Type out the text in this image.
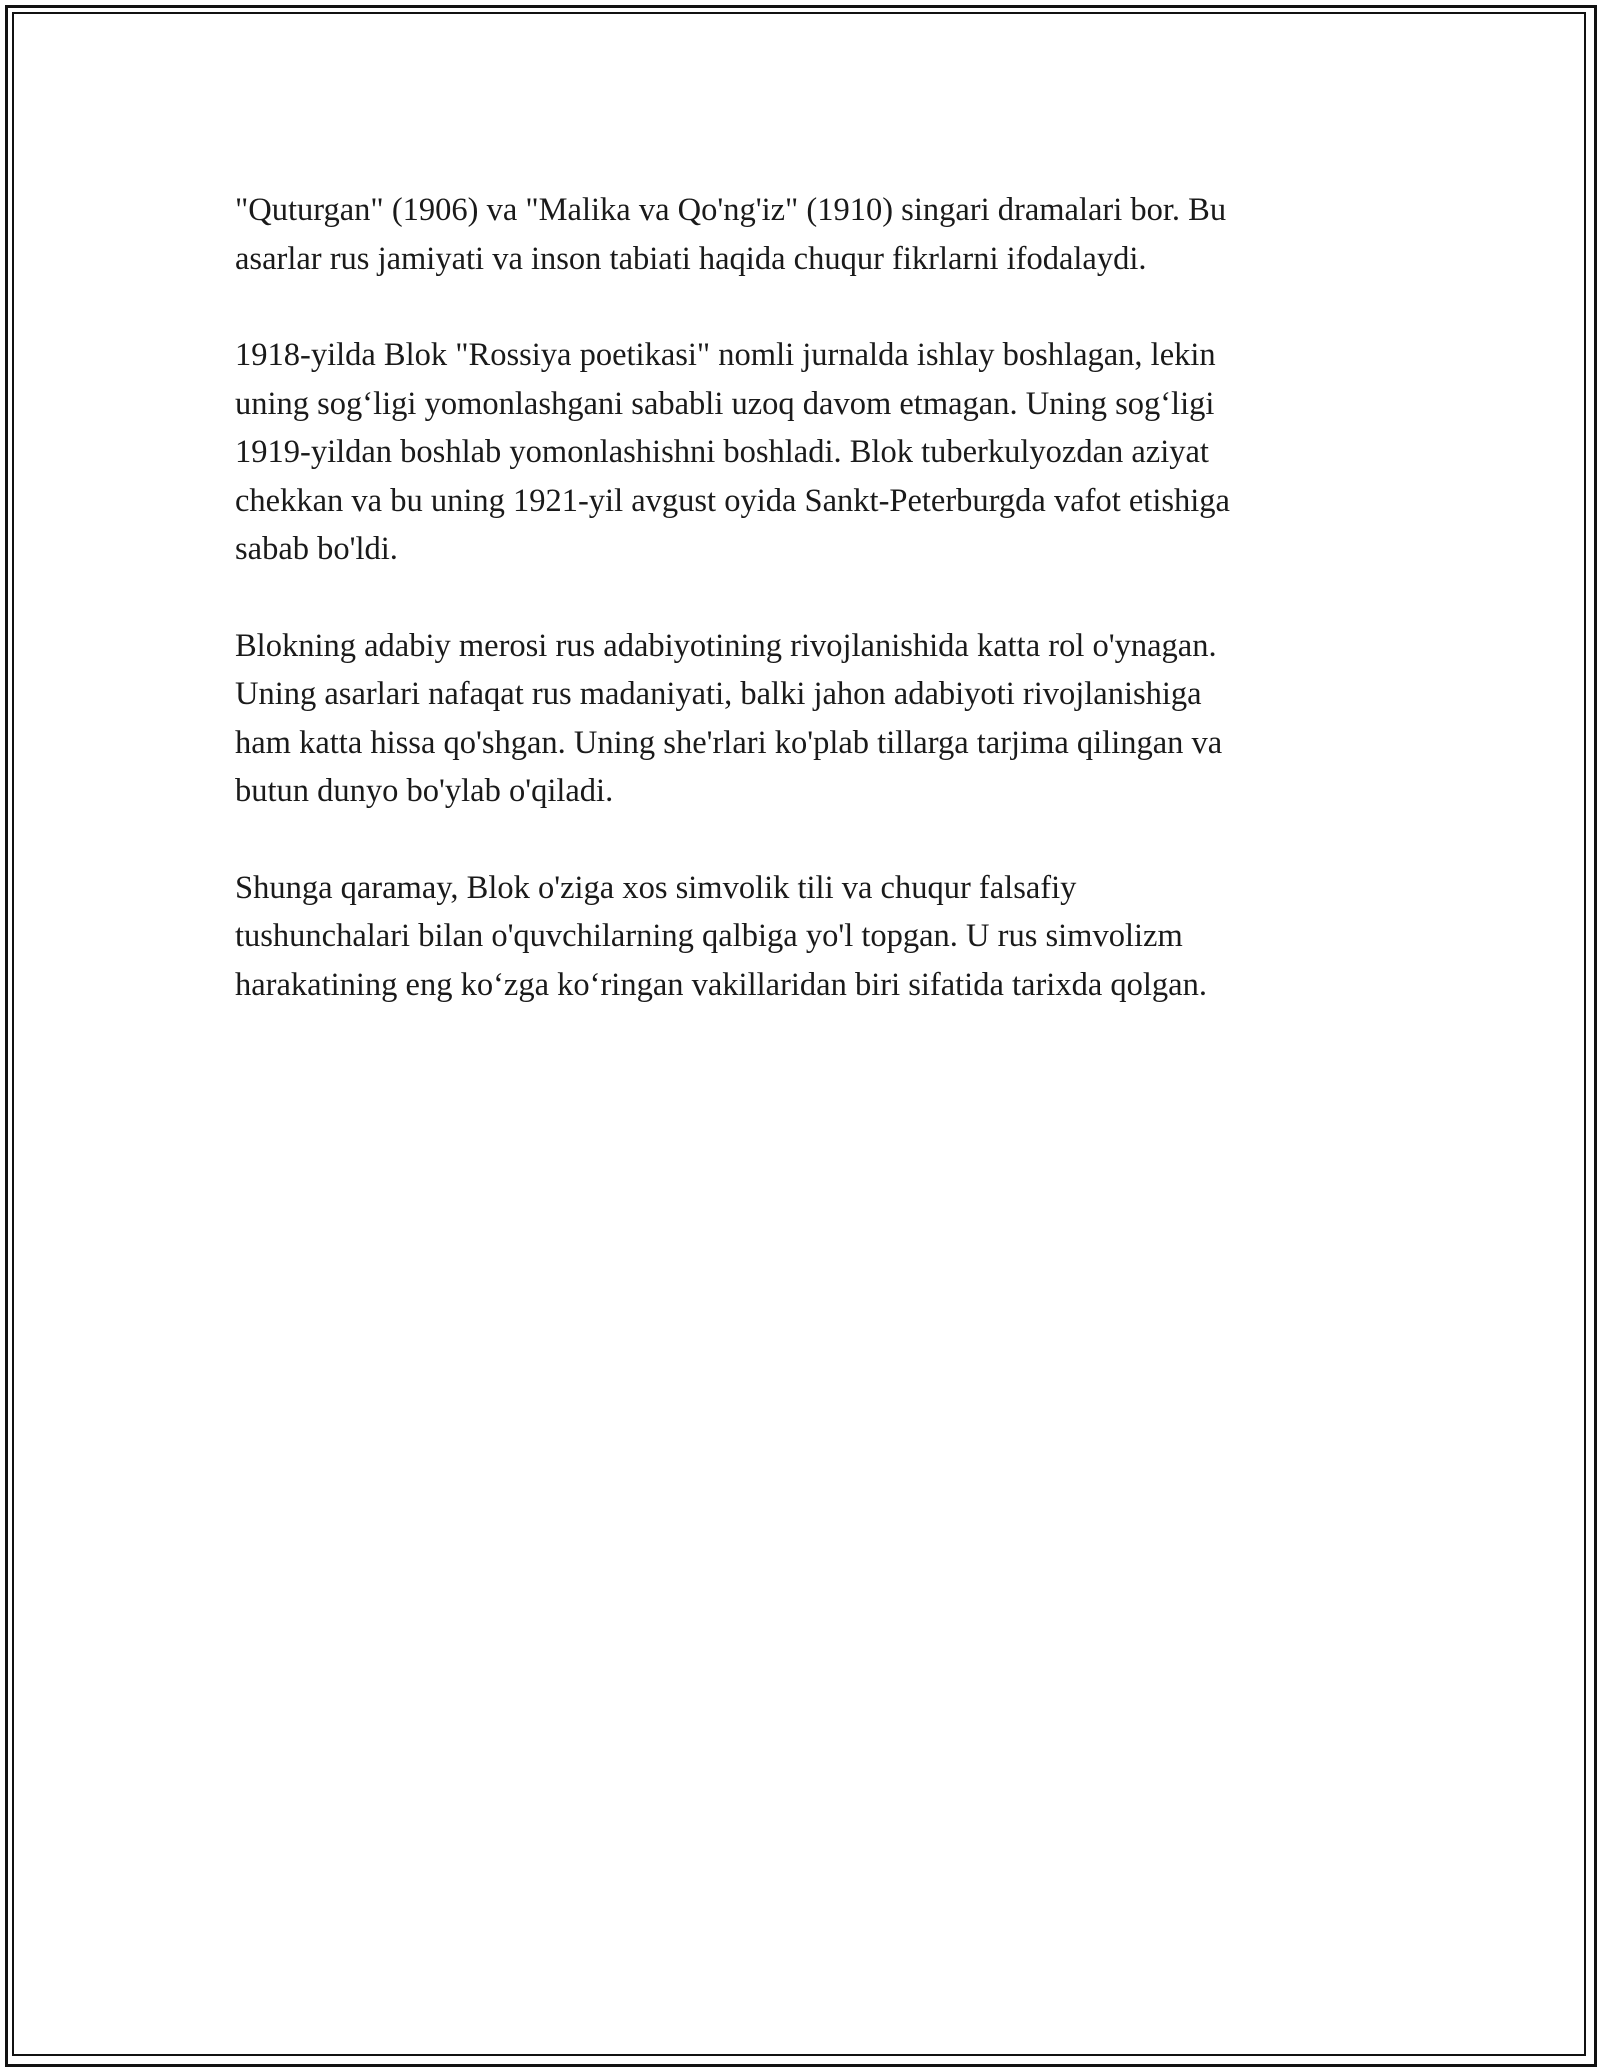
"Quturgan" (1906) va "Malika va Qo'ng'iz" (1910) singari dramalari bor. Bu
asarlar rus jamiyati va inson tabiati haqida chuqur fikrlarni ifodalaydi.

1918-yilda Blok "Rossiya poetikasi" nomli jurnalda ishlay boshlagan, lekin
uning sog‘ligi yomonlashgani sababli uzoq davom etmagan. Uning sog‘ligi
1919-yildan boshlab yomonlashishni boshladi. Blok tuberkulyozdan aziyat
chekkan va bu uning 1921-yil avgust oyida Sankt-Peterburgda vafot etishiga
sabab bo'ldi.

Blokning adabiy merosi rus adabiyotining rivojlanishida katta rol o'ynagan.
Uning asarlari nafaqat rus madaniyati, balki jahon adabiyoti rivojlanishiga
ham katta hissa qo'shgan. Uning she'rlari ko'plab tillarga tarjima qilingan va
butun dunyo bo'ylab o'qiladi.

Shunga qaramay, Blok o'ziga xos simvolik tili va chuqur falsafiy
tushunchalari bilan o'quvchilarning qalbiga yo'l topgan. U rus simvolizm
harakatining eng ko‘zga ko‘ringan vakillaridan biri sifatida tarixda qolgan.
